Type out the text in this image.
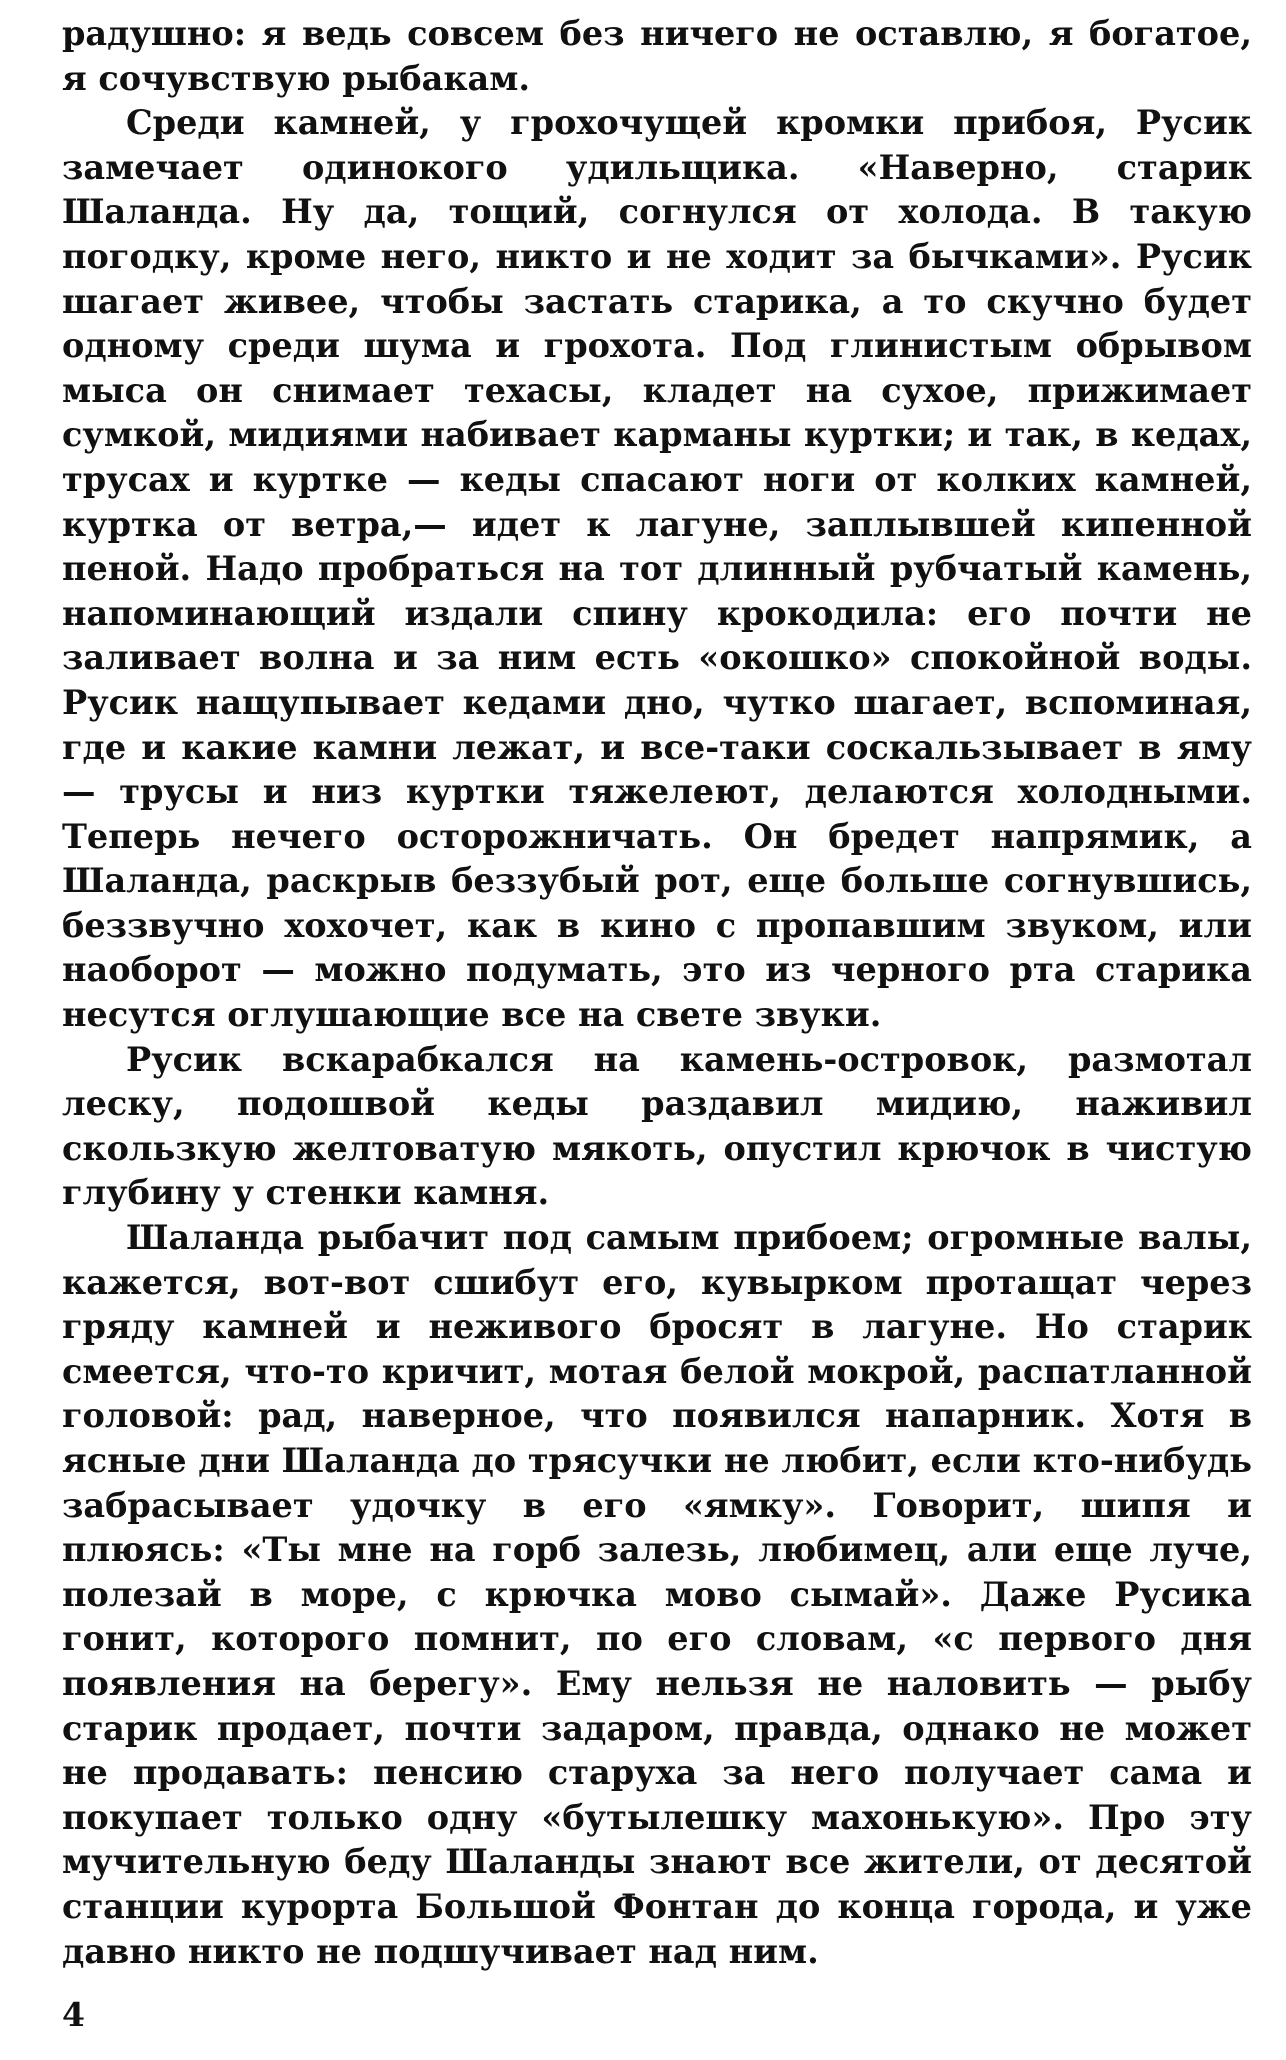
радушно: я ведь совсем без ничего не оставлю, я богатое, я сочувствую рыбакам.

Среди камней, у грохочущей кромки прибоя, Русик замечает одинокого удильщика. «Наверно, старик Шаланда. Ну да, тощий, согнулся от холода. В такую погодку, кроме него, никто и не ходит за бычками». Русик шагает живее, чтобы застать старика, а то скучно будет одному среди шума и грохота. Под глинистым обрывом мыса он снимает техасы, кладет на сухое, прижимает сумкой, мидиями набивает карманы куртки; и так, в кедах, трусах и куртке — кеды спасают ноги от колких камней, куртка от ветра,— идет к лагуне, заплывшей кипенной пеной. Надо пробраться на тот длинный рубчатый камень, напоминающий издали спину крокодила: его почти не заливает волна и за ним есть «окошко» спокойной воды. Русик нащупывает кедами дно, чутко шагает, вспоминая, где и какие камни лежат, и все-таки соскальзывает в яму — трусы и низ куртки тяжелеют, делаются холодными. Теперь нечего осторожничать. Он бредет напрямик, а Шаланда, раскрыв беззубый рот, еще больше согнувшись, беззвучно хохочет, как в кино с пропавшим звуком, или наоборот — можно подумать, это из черного рта старика несутся оглушающие все на свете звуки.

Русик вскарабкался на камень-островок, размотал леску, подошвой кеды раздавил мидию, наживил скользкую желтоватую мякоть, опустил крючок в чистую глубину у стенки камня.

Шаланда рыбачит под самым прибоем; огромные валы, кажется, вот-вот сшибут его, кувырком протащат через гряду камней и неживого бросят в лагуне. Но старик смеется, что-то кричит, мотая белой мокрой, распатланной головой: рад, наверное, что появился напарник. Хотя в ясные дни Шаланда до трясучки не любит, если кто-нибудь забрасывает удочку в его «ямку». Говорит, шипя и плюясь: «Ты мне на горб залезь, любимец, али еще луче, полезай в море, с крючка мово сымай». Даже Русика гонит, которого помнит, по его словам, «с первого дня появления на берегу». Ему нельзя не наловить — рыбу старик продает, почти задаром, правда, однако не может не продавать: пенсию старуха за него получает сама и покупает только одну «бутылешку махонькую». Про эту мучительную беду Шаланды знают все жители, от десятой станции курорта Большой Фонтан до конца города, и уже давно никто не подшучивает над ним.

4
